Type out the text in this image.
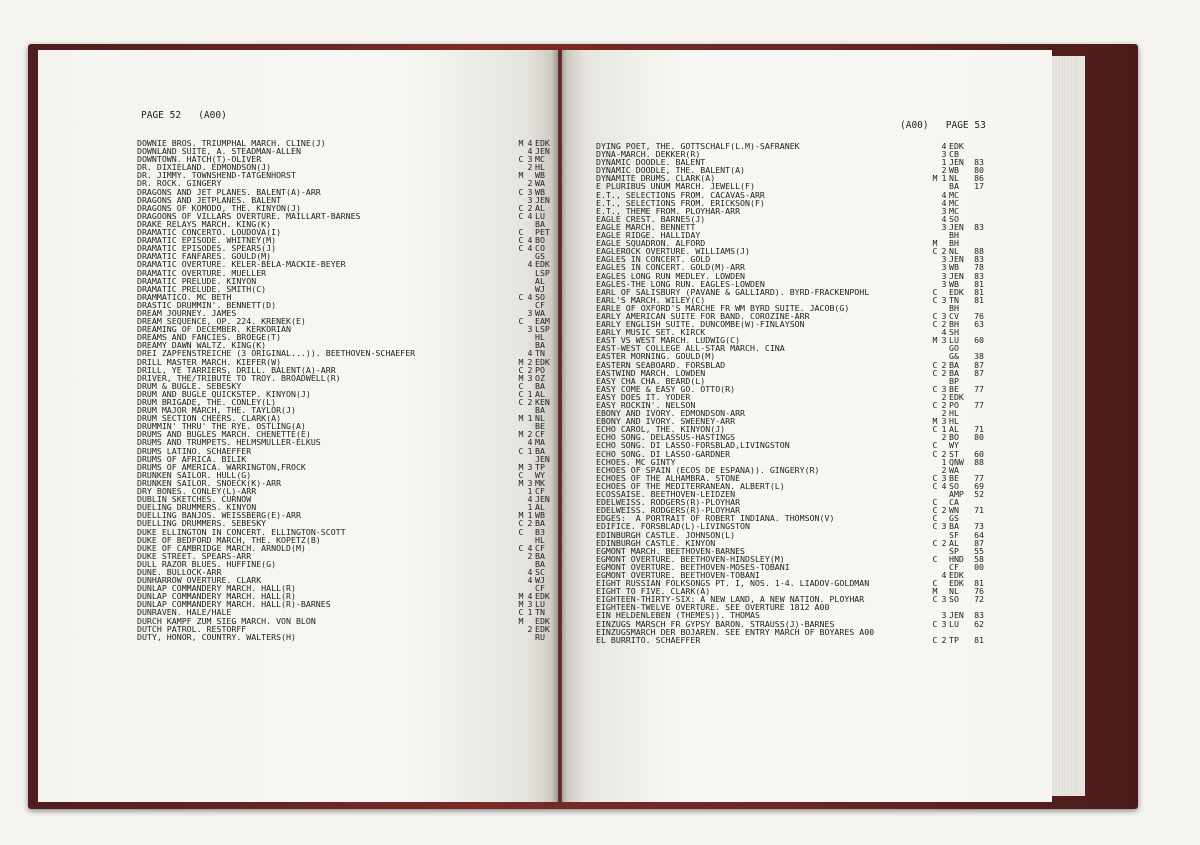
PAGE 52   (A00)
DOWNIE BROS. TRIUMPHAL MARCH. CLINE(J)	M 4 EDK
DOWNLAND SUITE, A. STEADMAN-ALLEN	4 JEN
DOWNTOWN. HATCH(T)-OLIVER	C 3 MC
DR. DIXIELAND. EDMONDSON(J)	2 HL
DR. JIMMY. TOWNSHEND-TATGENHORST	M	WB
DR. ROCK. GINGERY	2 WA
DRAGONS AND JET PLANES. BALENT(A)-ARR	C 3 WB
DRAGONS AND JETPLANES. BALENT	3 JEN
DRAGONS OF KOMODO, THE. KINYON(J)	C 2 AL
DRAGOONS OF VILLARS OVERTURE. MAILLART-BARNES	C 4 LU
DRAKE RELAYS MARCH. KING(K)	BA
DRAMATIC CONCERTO. LOUDOVA(I)	C	PET
DRAMATIC EPISODE. WHITNEY(M)	C 4 BO
DRAMATIC EPISODES. SPEARS(J)	C 4 CO
DRAMATIC FANFARES. GOULD(M)	GS
DRAMATIC OVERTURE. KELER-BELA-MACKIE-BEYER	4 EDK
DRAMATIC OVERTURE. MUELLER	LSP
DRAMATIC PRELUDE. KINYON	AL
DRAMATIC PRELUDE. SMITH(C)	WJ
DRAMMATICO. MC BETH	C 4 SO
DRASTIC DRUMMIN'. BENNETT(D)	CF
DREAM JOURNEY. JAMES	3 WA
DREAM SEQUENCE, OP. 224. KRENEK(E)	C	EAM
DREAMING OF DECEMBER. KERKORIAN	3 LSP
DREAMS AND FANCIES. BROEGE(T)	HL
DREAMY DAWN WALTZ. KING(K)	BA
DREI ZAPFENSTREICHE (3 ORIGINAL...)). BEETHOVEN-SCHAEFER	4 TN
DRILL MASTER MARCH. KIEFER(W)	M 2 EDK
DRILL, YE TARRIERS, DRILL. BALENT(A)-ARR	C 2 PO
DRIVER, THE/TRIBUTE TO TROY. BROADWELL(R)	M 3 OZ
DRUM & BUGLE. SEBESKY	C	BA
DRUM AND BUGLE QUICKSTEP. KINYON(J)	C 1 AL
DRUM BRIGADE, THE. CONLEY(L)	C 2 KEN
DRUM MAJOR MARCH, THE. TAYLOR(J)	BA
DRUM SECTION CHEERS. CLARK(A)	M 1 NL
DRUMMIN' THRU' THE RYE. OSTLING(A)	BE
DRUMS AND BUGLES MARCH. CHENETTE(E)	M 2 CF
DRUMS AND TRUMPETS. HELMSMULLER-ELKUS	4 MA
DRUMS LATINO. SCHAEFFER	C 1 BA
DRUMS OF AFRICA. BILIK	JEN
DRUMS OF AMERICA. WARRINGTON,FROCK	M 3 TP
DRUNKEN SAILOR. HULL(G)	C	WY
DRUNKEN SAILOR. SNOECK(K)-ARR	M 3 MK
DRY BONES. CONLEY(L)-ARR	1 CF
DUBLIN SKETCHES. CURNOW	4 JEN
DUELING DRUMMERS. KINYON	1 AL
DUELLING BANJOS. WEISSBERG(E)-ARR	M 1 WB
DUELLING DRUMMERS. SEBESKY	C 2 BA
DUKE ELLINGTON IN CONCERT. ELLINGTON-SCOTT	C	B3
DUKE OF BEDFORD MARCH, THE. KOPETZ(B)	HL
DUKE OF CAMBRIDGE MARCH. ARNOLD(M)	C 4 CF
DUKE STREET. SPEARS-ARR	2 BA
DULL RAZOR BLUES. HUFFINE(G)	BA
DUNE. BULLOCK-ARR	4 SC
DUNHARROW OVERTURE. CLARK	4 WJ
DUNLAP COMMANDERY MARCH. HALL(R)	CF
DUNLAP COMMANDERY MARCH. HALL(R)	M 4 EDK
DUNLAP COMMANDERY MARCH. HALL(R)-BARNES	M 3 LU
DUNRAVEN. HALE/HALE	C 1 TN
DURCH KAMPF ZUM SIEG MARCH. VON BLON	M	EDK
DUTCH PATROL. RESTORFF	2 EDK
DUTY, HONOR, COUNTRY. WALTERS(H)	RU
(A00)   PAGE 53
DYING POET, THE. GOTTSCHALF(L.M)-SAFRANEK	4 EDK
DYNA-MARCH. DEKKER(R)	3 CB
DYNAMIC DOODLE. BALENT	1 JEN	83
DYNAMIC DOODLE, THE. BALENT(A)	2 WB	80
DYNAMITE DRUMS. CLARK(A)	M 1 NL	86
E PLURIBUS UNUM MARCH. JEWELL(F)	BA	17
E.T., SELECTIONS FROM. CACAVAS-ARR	4 MC
E.T., SELECTIONS FROM. ERICKSON(F)	4 MC
E.T., THEME FROM. PLOYHAR-ARR	3 MC
EAGLE CREST. BARNES(J)	4 SO
EAGLE MARCH. BENNETT	3 JEN	83
EAGLE RIDGE. HALLIDAY	BH
EAGLE SQUADRON. ALFORD	M	BH
EAGLEROCK OVERTURE. WILLIAMS(J)	C 2 NL	88
EAGLES IN CONCERT. GOLD	3 JEN	83
EAGLES IN CONCERT. GOLD(M)-ARR	3 WB	78
EAGLES LONG RUN MEDLEY. LOWDEN	3 JEN	83
EAGLES-THE LONG RUN. EAGLES-LOWDEN	3 WB	81
EARL OF SALISBURY (PAVANE & GALLIARD). BYRD-FRACKENPOHL	C	EDK	81
EARL'S MARCH. WILEY(C)	C 3 TN	81
EARLE OF OXFORD'S MARCHE FR WM BYRD SUITE. JACOB(G)	BH
EARLY AMERICAN SUITE FOR BAND. COROZINE-ARR	C 3 CV	76
EARLY ENGLISH SUITE. DUNCOMBE(W)-FINLAYSON	C 2 BH	63
EARLY MUSIC SET. KIRCK	4 SH
EAST VS WEST MARCH. LUDWIG(C)	M 3 LU	60
EAST-WEST COLLEGE ALL-STAR MARCH. CINA	GO
EASTER MORNING. GOULD(M)	G&	38
EASTERN SEABOARD. FORSBLAD	C 2 BA	87
EASTWIND MARCH. LOWDEN	C 2 BA	87
EASY CHA CHA. BEARD(L)	BP
EASY COME & EASY GO. OTTO(R)	C 3 BE	77
EASY DOES IT. YODER	2 EDK
EASY ROCKIN'. NELSON	C 2 PO	77
EBONY AND IVORY. EDMONDSON-ARR	2 HL
EBONY AND IVORY. SWEENEY-ARR	M 3 HL
ECHO CAROL, THE. KINYON(J)	C 1 AL	71
ECHO SONG. DELASSUS-HASTINGS	2 BO	80
ECHO SONG. DI LASSO-FORSBLAD,LIVINGSTON	C	WY
ECHO SONG. DI LASSO-GARDNER	C 2 ST	60
ECHOES. MC GINTY	1 QNW	88
ECHOES OF SPAIN (ECOS DE ESPANA)). GINGERY(R)	2 WA
ECHOES OF THE ALHAMBRA. STONE	C 3 BE	77
ECHOES OF THE MEDITERRANEAN. ALBERT(L)	C 4 SO	69
ECOSSAISE. BEETHOVEN-LEIDZEN	AMP	52
EDELWEISS. RODGERS(R)-PLOYHAR	C	CA
EDELWEISS. RODGERS(R)-PLOYHAR	C 2 WN	71
EDGES:  A PORTRAIT OF ROBERT INDIANA. THOMSON(V)	C	GS
EDIFICE. FORSBLAD(L)-LIVINGSTON	C 3 BA	73
EDINBURGH CASTLE. JOHNSON(L)	SF	64
EDINBURGH CASTLE. KINYON	C 2 AL	87
EGMONT MARCH. BEETHOVEN-BARNES	SP	55
EGMONT OVERTURE. BEETHOVEN-HINDSLEY(M)	C	HND	58
EGMONT OVERTURE. BEETHOVEN-MOSES-TOBANI	CF	00
EGMONT OVERTURE. BEETHOVEN-TOBANI	4 EDK
EIGHT RUSSIAN FOLKSONGS PT. I, NOS. 1-4. LIADOV-GOLDMAN	C	EDK	81
EIGHT TO FIVE. CLARK(A)	M	NL	76
EIGHTEEN-THIRTY-SIX: A NEW LAND, A NEW NATION. PLOYHAR	C 3 SO	72
EIGHTEEN-TWELVE OVERTURE. SEE OVERTURE 1812 A00
EIN HELDENLEBEN (THEMES)). THOMAS	3 JEN	83
EINZUGS MARSCH FR GYPSY BARON. STRAUSS(J)-BARNES	C 3 LU	62
EINZUGSMARCH DER BOJAREN. SEE ENTRY MARCH OF BOYARES A00
EL BURRITO. SCHAEFFER	C 2 TP	81
